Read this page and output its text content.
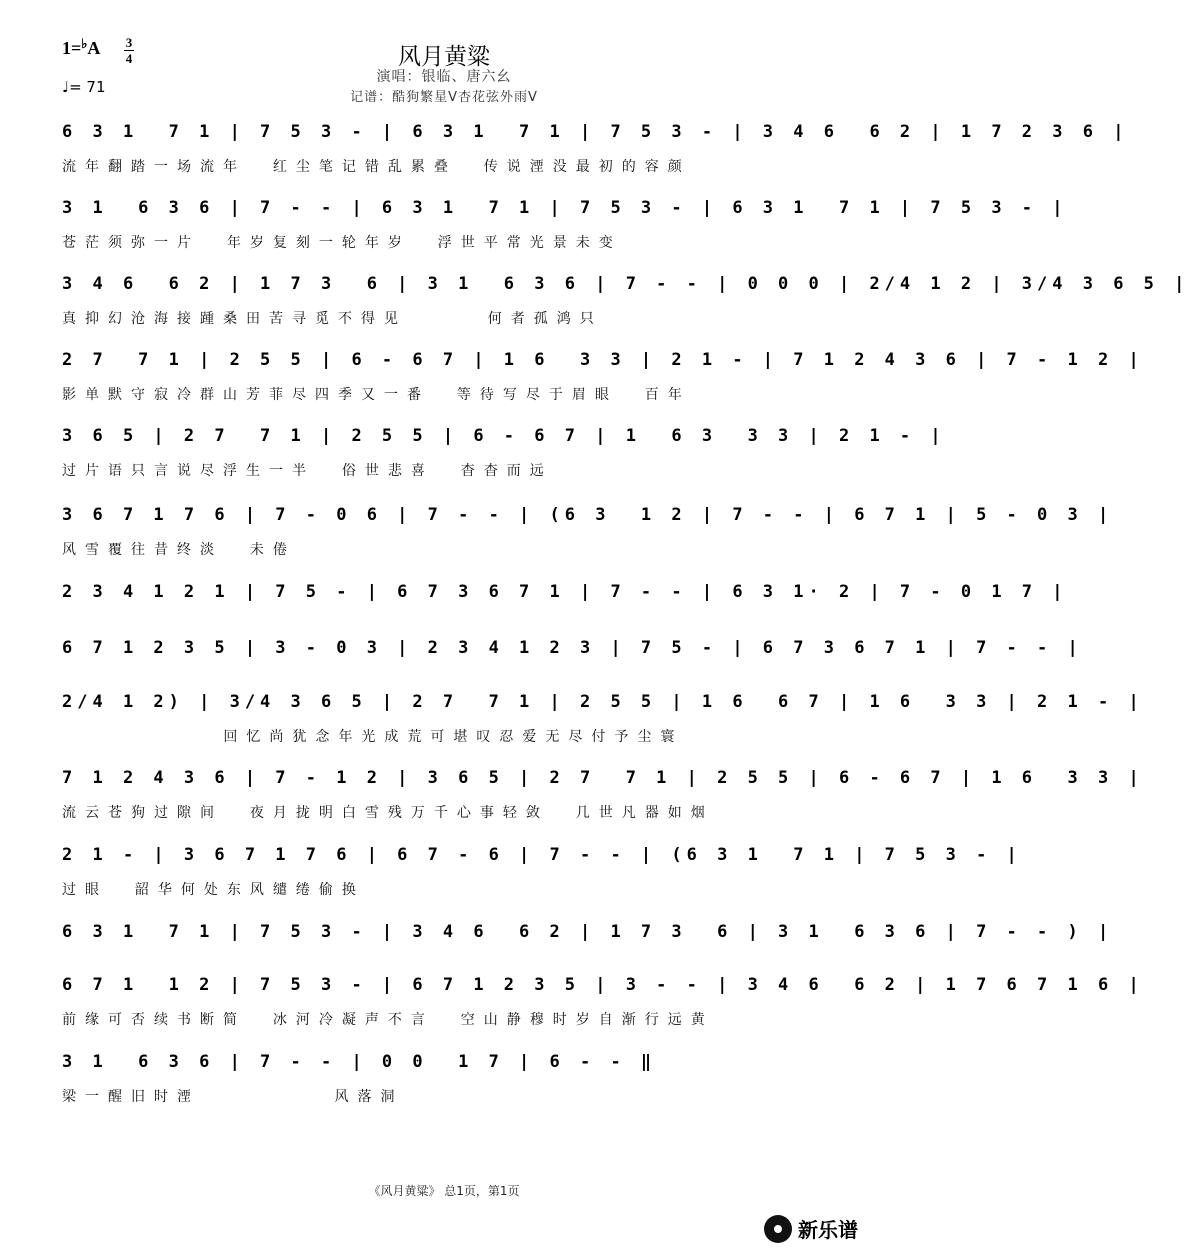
1=♭A 3
4
♩= 71
风月黄粱
演唱：银临、唐六幺
记谱：酷狗繁星V杏花弦外雨V
6 3 1  7 1 | 7 5 3 - | 6 3 1  7 1 | 7 5 3 - | 3 4 6  6 2 | 1 7 2 3 6 |
流年翻踏一场流年  红尘笔记错乱累叠  传说湮没最初的容颜
3 1  6 3 6 | 7 - - | 6 3 1  7 1 | 7 5 3 - | 6 3 1  7 1 | 7 5 3 - |
苍茫须弥一片  年岁复刻一轮年岁  浮世平常光景未变
3 4 6  6 2 | 1 7 3  6 | 3 1  6 3 6 | 7 - - | 0 0 0 | 2/4 1 2 | 3/4 3 6 5 |
真抑幻沧海接踵桑田苦寻觅不得见      何者孤鸿只
2 7  7 1 | 2 5 5 | 6 - 6 7 | 1 6  3 3 | 2 1 - | 7 1 2 4 3 6 | 7 - 1 2 |
影单默守寂冷群山芳菲尽四季又一番  等待写尽于眉眼  百年
3 6 5 | 2 7  7 1 | 2 5 5 | 6 - 6 7 | 1  6 3  3 3 | 2 1 - |
过片语只言说尽浮生一半  俗世悲喜  杳杳而远
3 6 7 1 7 6 | 7 - 0 6 | 7 - - | (6 3  1 2 | 7 - - | 6 7 1 | 5 - 0 3 |
风雪覆往昔终淡  未倦
2 3 4 1 2 1 | 7 5 - | 6 7 3 6 7 1 | 7 - - | 6 3 1· 2 | 7 - 0 1 7 |
6 7 1 2 3 5 | 3 - 0 3 | 2 3 4 1 2 3 | 7 5 - | 6 7 3 6 7 1 | 7 - - |
2/4 1 2) | 3/4 3 6 5 | 2 7  7 1 | 2 5 5 | 1 6  6 7 | 1 6  3 3 | 2 1 - |
回忆尚犹念年光成荒可堪叹忍爱无尽付予尘寰
7 1 2 4 3 6 | 7 - 1 2 | 3 6 5 | 2 7  7 1 | 2 5 5 | 6 - 6 7 | 1 6  3 3 |
流云苍狗过隙间  夜月拢明白雪残万千心事轻敛  几世凡器如烟
2 1 - | 3 6 7 1 7 6 | 6 7 - 6 | 7 - - | (6 3 1  7 1 | 7 5 3 - |
过眼  韶华何处东风缱绻偷换
6 3 1  7 1 | 7 5 3 - | 3 4 6  6 2 | 1 7 3  6 | 3 1  6 3 6 | 7 - - ) |
6 7 1  1 2 | 7 5 3 - | 6 7 1 2 3 5 | 3 - - | 3 4 6  6 2 | 1 7 6 7 1 6 |
前缘可否续书断简  冰河冷凝声不言  空山静穆时岁自渐行远黄
3 1  6 3 6 | 7 - - | 0 0  1 7 | 6 - - ‖
梁一醒旧时湮          风落洞
《风月黄粱》 总1页，第1页
新乐谱
